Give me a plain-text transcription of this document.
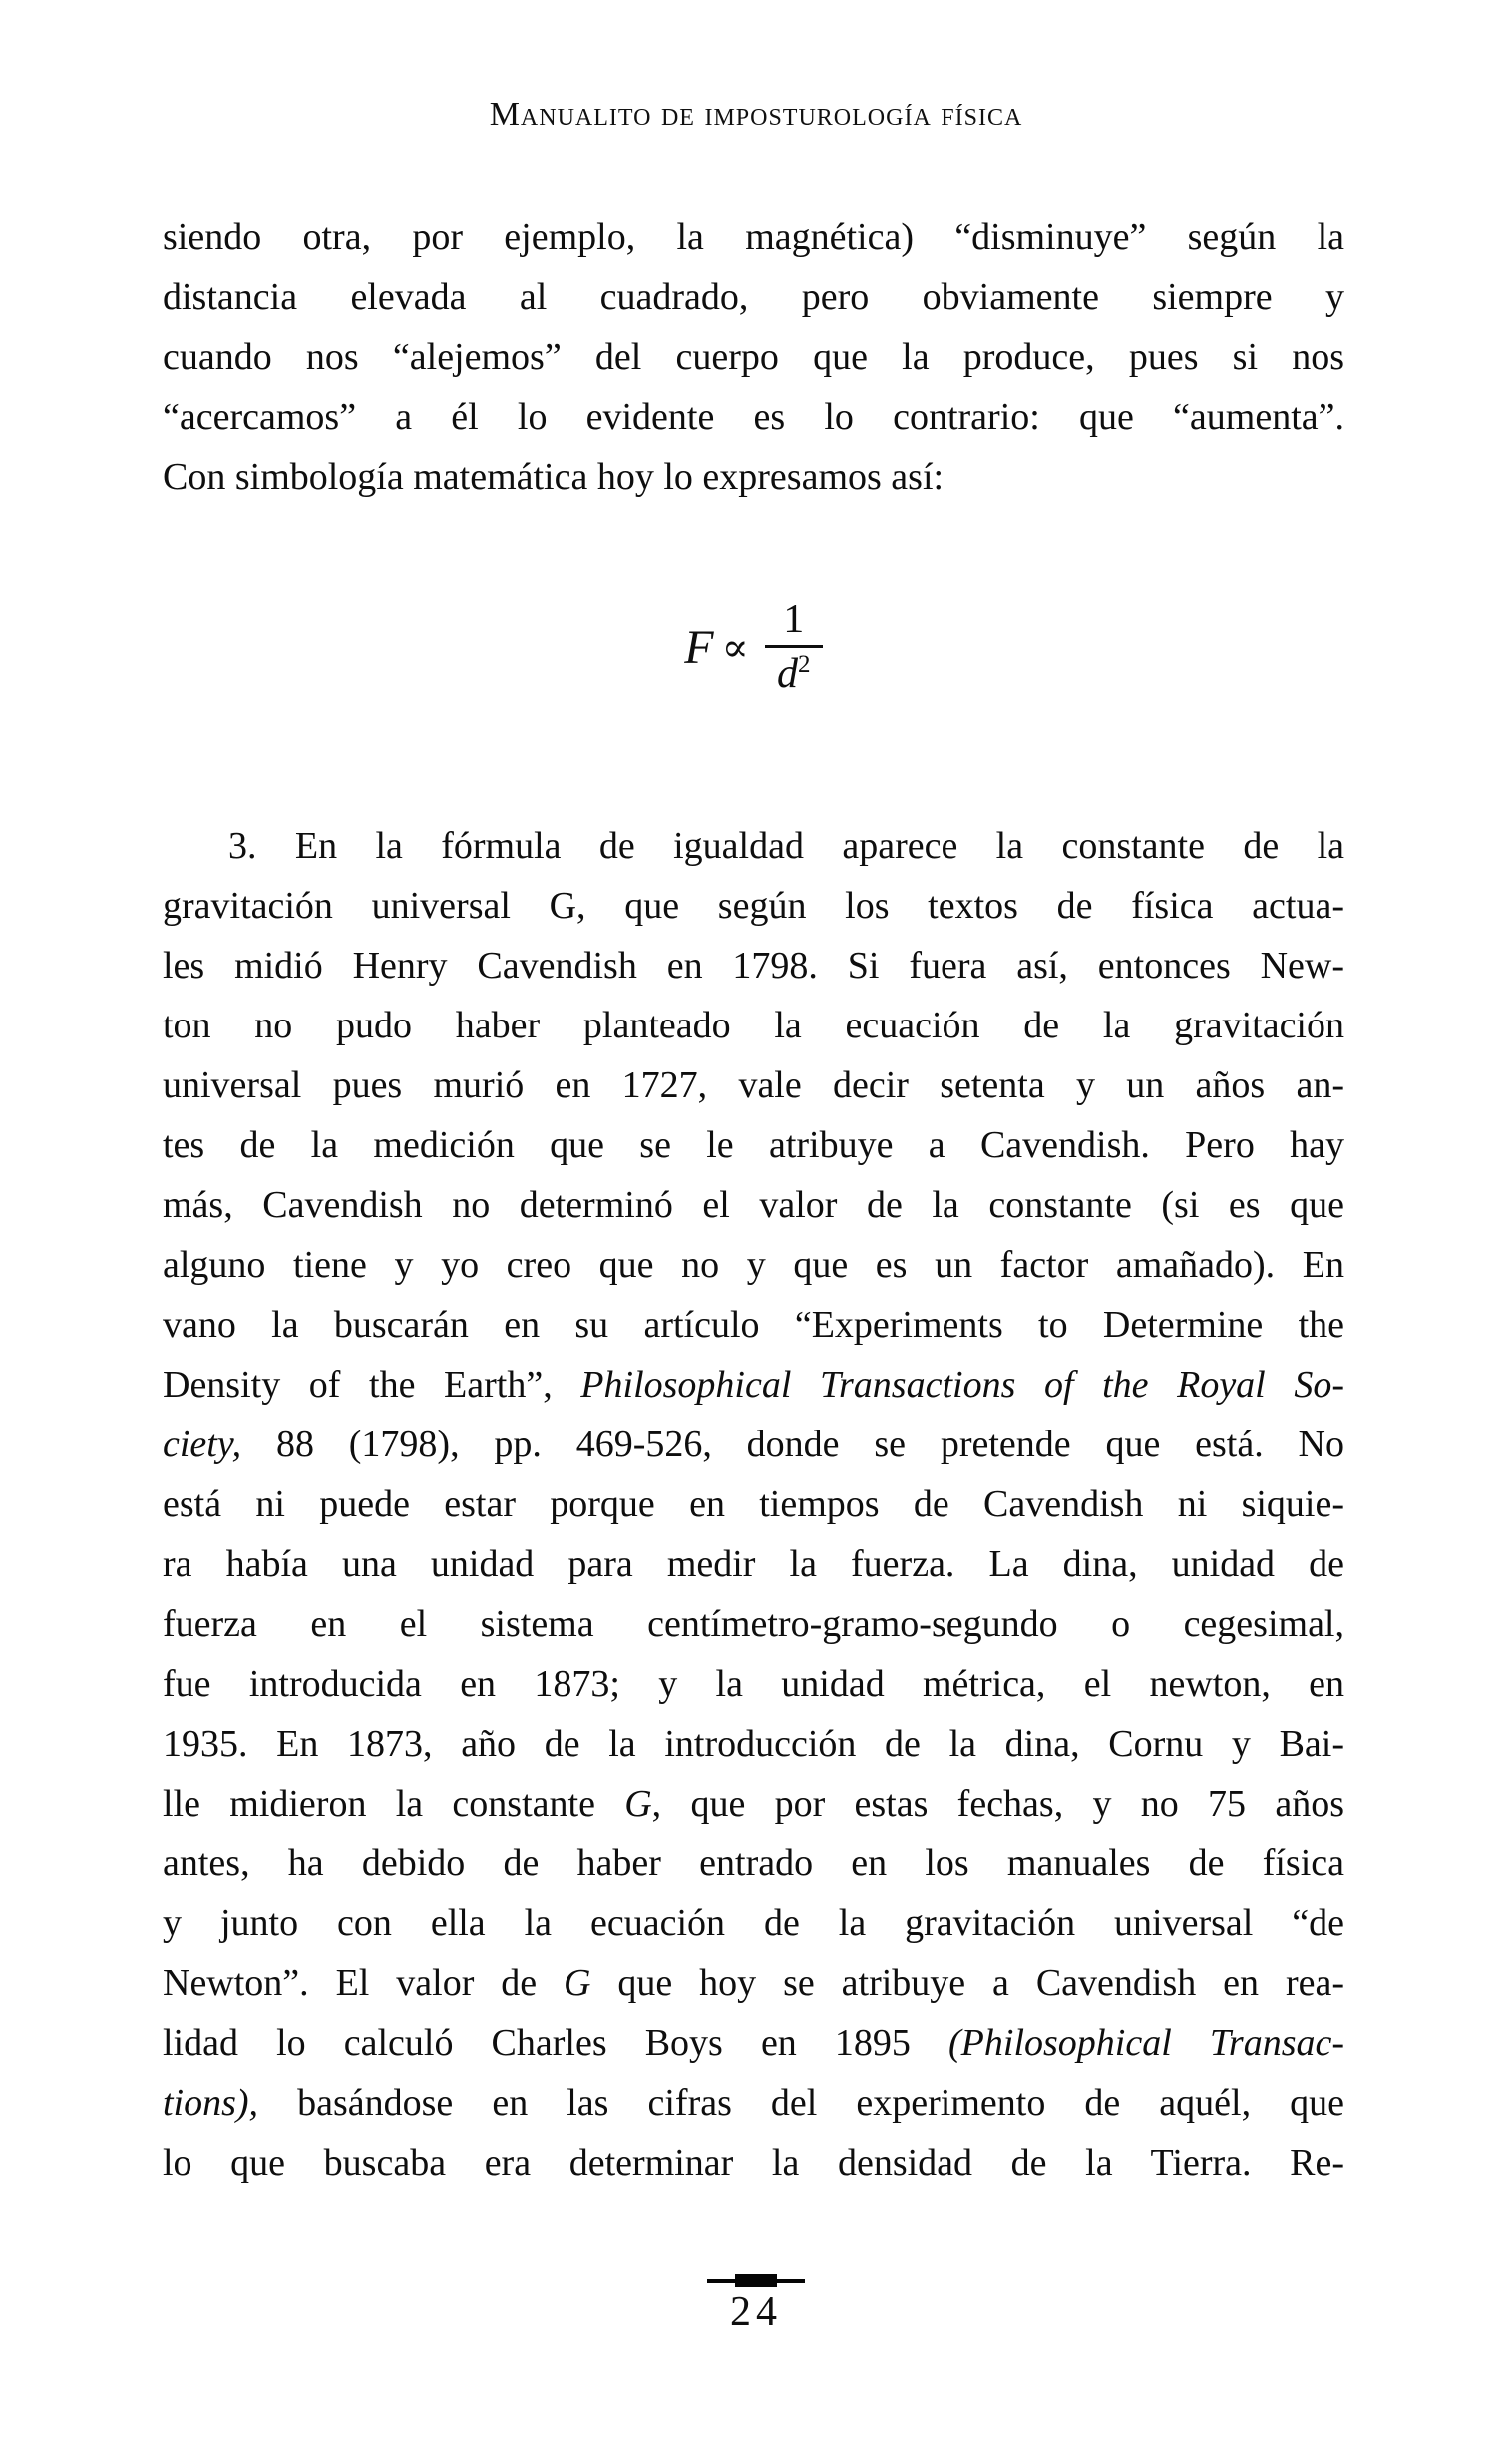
Manualito de imposturología física
siendo otra, por ejemplo, la magnética) “disminuye” según la
distancia elevada al cuadrado, pero obviamente siempre y
cuando nos “alejemos” del cuerpo que la produce, pues si nos
“acercamos” a él lo evidente es lo contrario: que “aumenta”.
Con simbología matemática hoy lo expresamos así:
$F \propto \frac{1}{d^2}$
3. En la fórmula de igualdad aparece la constante de la
gravitación universal G, que según los textos de física actua-
les midió Henry Cavendish en 1798. Si fuera así, entonces New-
ton no pudo haber planteado la ecuación de la gravitación
universal pues murió en 1727, vale decir setenta y un años an-
tes de la medición que se le atribuye a Cavendish. Pero hay
más, Cavendish no determinó el valor de la constante (si es que
alguno tiene y yo creo que no y que es un factor amañado). En
vano la buscarán en su artículo “Experiments to Determine the
Density of the Earth”, Philosophical Transactions of the Royal So-
ciety, 88 (1798), pp. 469-526, donde se pretende que está. No
está ni puede estar porque en tiempos de Cavendish ni siquie-
ra había una unidad para medir la fuerza. La dina, unidad de
fuerza en el sistema centímetro-gramo-segundo o cegesimal,
fue introducida en 1873; y la unidad métrica, el newton, en
1935. En 1873, año de la introducción de la dina, Cornu y Bai-
lle midieron la constante G, que por estas fechas, y no 75 años
antes, ha debido de haber entrado en los manuales de física
y junto con ella la ecuación de la gravitación universal “de
Newton”. El valor de G que hoy se atribuye a Cavendish en rea-
lidad lo calculó Charles Boys en 1895 (Philosophical Transac-
tions), basándose en las cifras del experimento de aquél, que
lo que buscaba era determinar la densidad de la Tierra. Re-
24
